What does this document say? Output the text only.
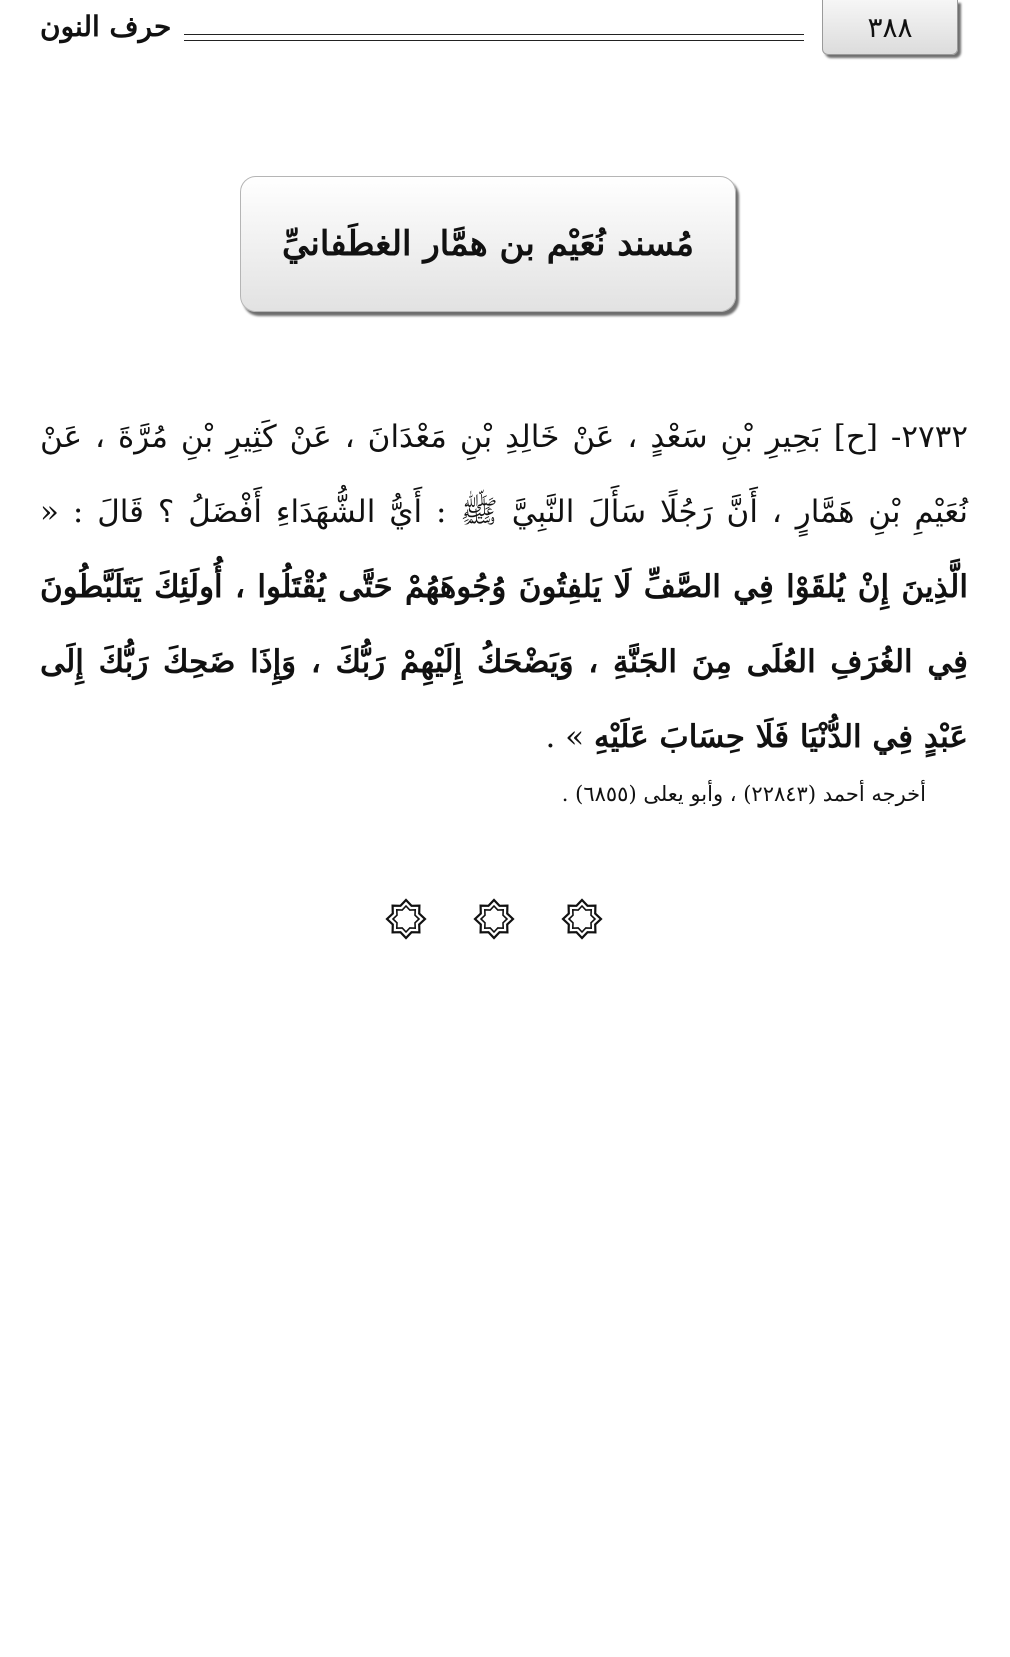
٣٨٨
حرف النون
مُسند نُعَيْم بن همَّار الغطَفانيِّ

٢٧٣٢- [ح] بَحِيرِ بْنِ سَعْدٍ ، عَنْ خَالِدِ بْنِ مَعْدَانَ ، عَنْ كَثِيرِ بْنِ مُرَّةَ ، عَنْ نُعَيْمِ بْنِ هَمَّارٍ ، أَنَّ رَجُلًا سَأَلَ النَّبِيَّ ﷺ : أَيُّ الشُّهَدَاءِ أَفْضَلُ ؟ قَالَ : « الَّذِينَ إِنْ يُلقَوْا فِي الصَّفِّ لَا يَلفِتُونَ وُجُوهَهُمْ حَتَّى يُقْتَلُوا ، أُولَئِكَ يَتَلَبَّطُونَ فِي الغُرَفِ العُلَى مِنَ الجَنَّةِ ، وَيَضْحَكُ إِلَيْهِمْ رَبُّكَ ، وَإِذَا ضَحِكَ رَبُّكَ إِلَى عَبْدٍ فِي الدُّنْيَا فَلَا حِسَابَ عَلَيْهِ » .

أخرجه أحمد (٢٢٨٤٣) ، وأبو يعلى (٦٨٥٥) .
